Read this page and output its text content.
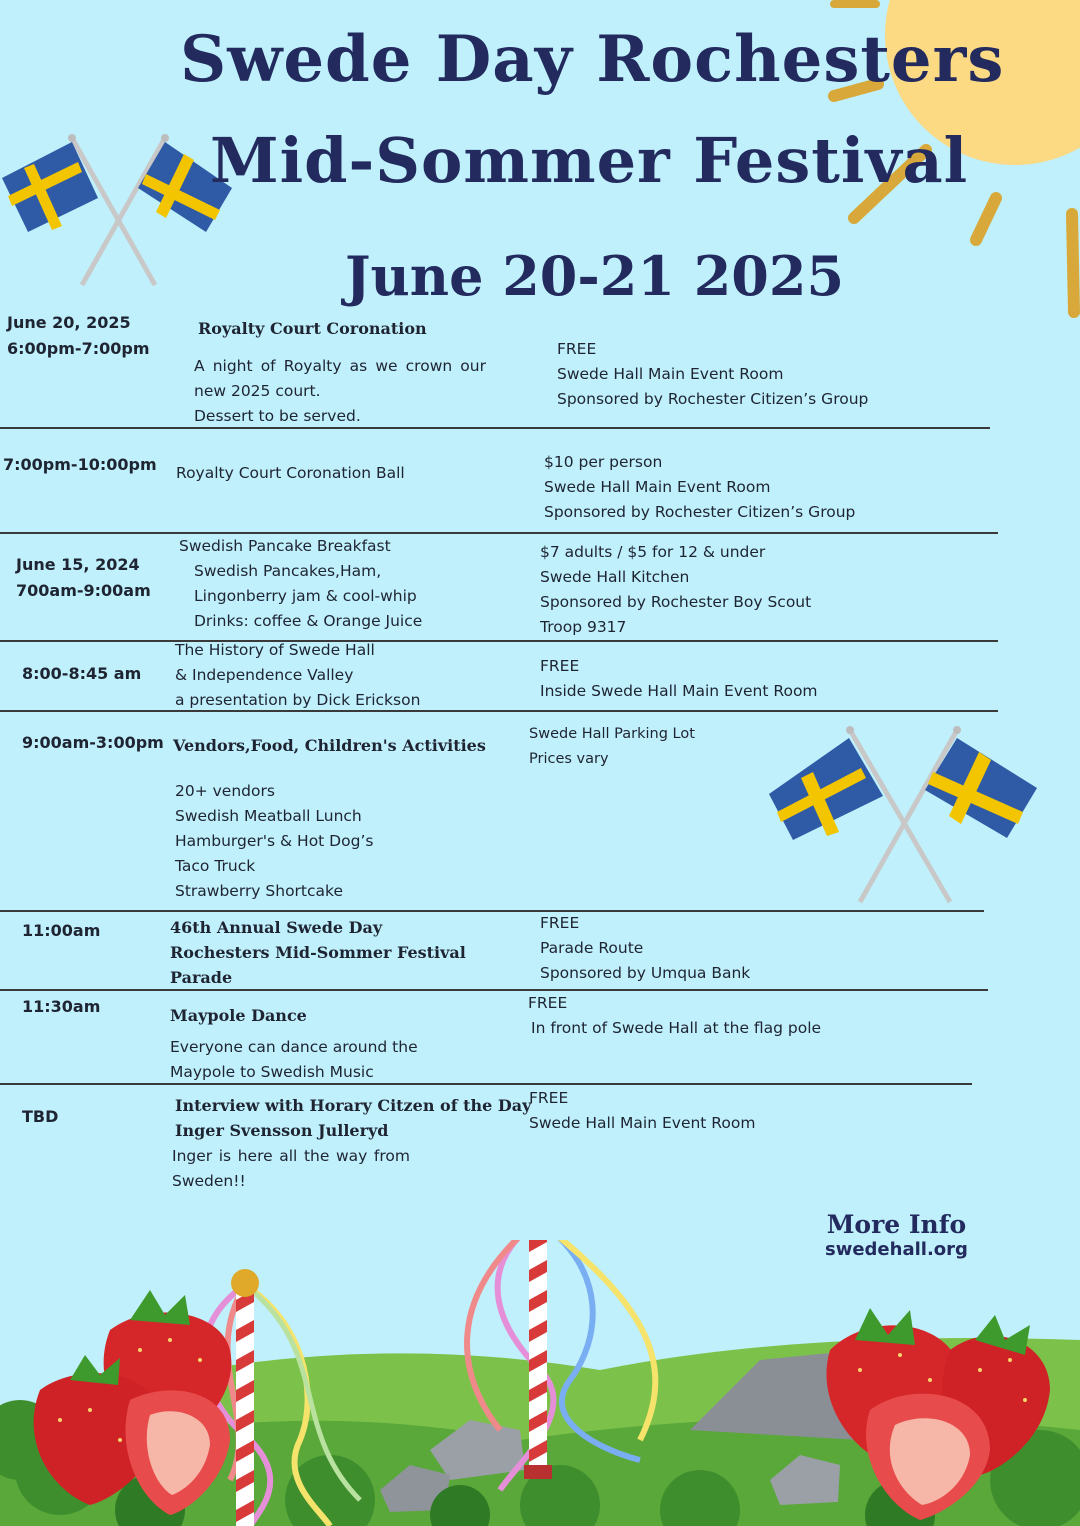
Swede Day Rochesters
Mid-Sommer Festival
June 20-21 2025
June 20, 2025
6:00pm-7:00pm
Royalty Court Coronation
A night of Royalty as we crown our
new 2025 court.
Dessert to be served.
FREE
Swede Hall Main Event Room
Sponsored by Rochester Citizen’s Group
7:00pm-10:00pm Royalty Court Coronation Ball
$10 per person
Swede Hall Main Event Room
Sponsored by Rochester Citizen’s Group
June 15, 2024
700am-9:00am
Swedish Pancake Breakfast
Swedish Pancakes,Ham,
Lingonberry jam & cool-whip
Drinks: coffee & Orange Juice
$7 adults / $5 for 12 & under
Swede Hall Kitchen
Sponsored by Rochester Boy Scout
Troop 9317
8:00-8:45 am
The History of Swede Hall
& Independence Valley
a presentation by Dick Erickson
FREE
Inside Swede Hall Main Event Room
9:00am-3:00pm Vendors,Food, Children's Activities
20+ vendors
Swedish Meatball Lunch
Hamburger's & Hot Dog’s
Taco Truck
Strawberry Shortcake
Swede Hall Parking Lot
Prices vary
11:00am	46th Annual Swede Day
Rochesters Mid-Sommer Festival
Parade
FREE
Parade Route
Sponsored by Umqua Bank
11:30am	Maypole Dance
Everyone can dance around the
Maypole to Swedish Music
FREE
In front of Swede Hall at the flag pole
TBD
Interview with Horary Citzen of the Day
Inger Svensson Julleryd
Inger is here all the way from
Sweden!!
FREE
Swede Hall Main Event Room
More Info
swedehall.org
